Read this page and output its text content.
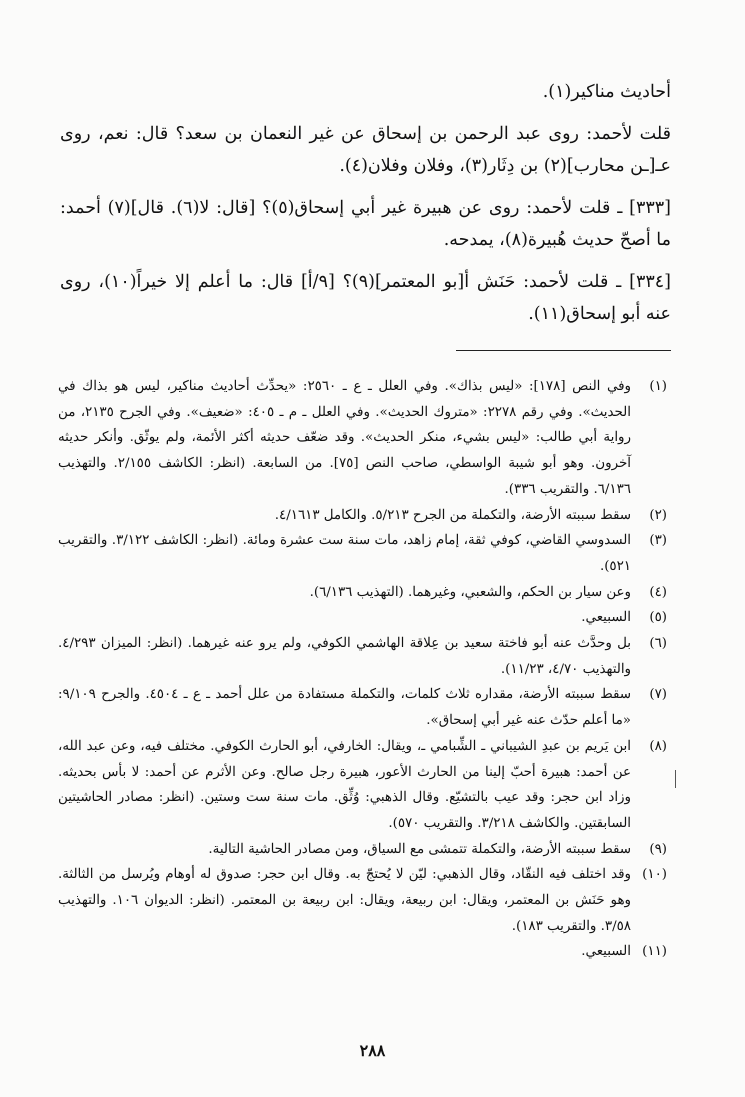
أحاديث مناكير(١).

قلت لأحمد: روى عبد الرحمن بن إسحاق عن غير النعمان بن سعد؟ قال: نعم، روى عـ[ـن محارب](٢) بن دِثَار(٣)، وفلان وفلان(٤).

[٣٣٣] ـ قلت لأحمد: روى عن هبيرة غير أبي إسحاق(٥)؟ [قال: لا(٦). قال](٧) أحمد: ما أصحّ حديث هُبيرة(٨)، يمدحه.

[٣٣٤] ـ قلت لأحمد: حَنَش أ[بو المعتمر](٩)؟ [٩/أ] قال: ما أعلم إلا خيراً(١٠)، روى عنه أبو إسحاق(١١).

(١)
وفي النص [١٧٨]: «ليس بذاك». وفي العلل ـ ع ـ ٢٥٦٠: «يحدِّث أحاديث مناكير، ليس هو بذاك في الحديث». وفي رقم ٢٢٧٨: «متروك الحديث». وفي العلل ـ م ـ ٤٠٥: «ضعيف». وفي الجرح ٢١٣٥، من رواية أبي طالب: «ليس بشيء، منكر الحديث». وقد ضعّف حديثه أكثر الأئمة، ولم يوثّق. وأنكر حديثه آخرون. وهو أبو شيبة الواسطي، صاحب النص [٧٥]. من السابعة. (انظر: الكاشف ٢/١٥٥. والتهذيب ٦/١٣٦. والتقريب ٣٣٦).
(٢)
سقط سببته الأرضة، والتكملة من الجرح ٥/٢١٣. والكامل ٤/١٦١٣.
(٣)
السدوسي القاضي، كوفي ثقة، إمام زاهد، مات سنة ست عشرة ومائة. (انظر: الكاشف ٣/١٢٢. والتقريب ٥٢١).
(٤)
وعن سيار بن الحكم، والشعبي، وغيرهما. (التهذيب ٦/١٣٦).
(٥)
السبيعي.
(٦)
بل وحدَّث عنه أبو فاختة سعيد بن عِلاقة الهاشمي الكوفي، ولم يرو عنه غيرهما. (انظر: الميزان ٤/٢٩٣. والتهذيب ٤/٧٠، ١١/٢٣).
(٧)
سقط سببته الأرضة، مقداره ثلاث كلمات، والتكملة مستفادة من علل أحمد ـ ع ـ ٤٥٠٤. والجرح ٩/١٠٩: «ما أعلم حدّث عنه غير أبي إسحاق».
(٨)
ابن يَريم بن عبدِ الشيباني ـ الشِّبامي ـ، ويقال: الخارفي، أبو الحارث الكوفي. مختلف فيه، وعن عبد الله، عن أحمد: هبيرة أحبّ إلينا من الحارث الأعور، هبيرة رجل صالح. وعن الأثرم عن أحمد: لا بأس بحديثه. وزاد ابن حجر: وقد عيب بالتشيّع. وقال الذهبي: وُثِّق. مات سنة ست وستين. (انظر: مصادر الحاشيتين السابقتين. والكاشف ٣/٢١٨. والتقريب ٥٧٠).
(٩)
سقط سببته الأرضة، والتكملة تتمشى مع السياق، ومن مصادر الحاشية التالية.
(١٠)
وقد اختلف فيه النقّاد، وقال الذهبي: ليّن لا يُحتجّ به. وقال ابن حجر: صدوق له أوهام ويُرسل من الثالثة. وهو حَنَش بن المعتمر، ويقال: ابن ربيعة، ويقال: ابن ربيعة بن المعتمر. (انظر: الديوان ١٠٦. والتهذيب ٣/٥٨. والتقريب ١٨٣).
(١١)
السبيعي.
٢٨٨
